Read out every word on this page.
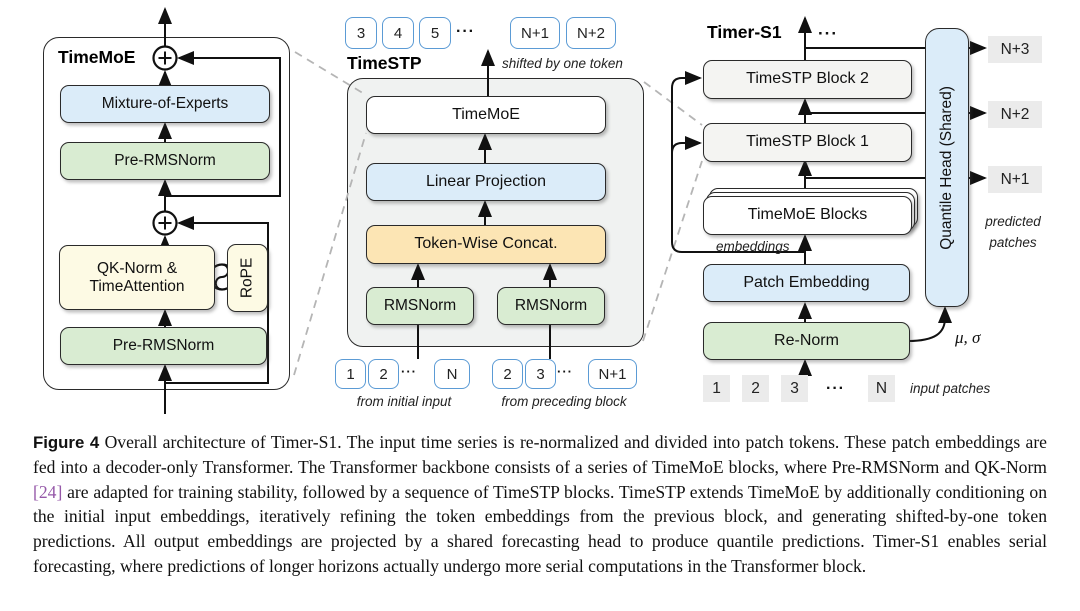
TimeMoE
Mixture-of-Experts
Pre-RMSNorm
QK-Norm &
TimeAttention	RoPE
Pre-RMSNorm
3	4	5	···	N+1	N+2
TimeSTP	shifted by one token
TimeMoE
Linear Projection
Token-Wise Concat.
RMSNorm	RMSNorm
1	2	···	N	2	3 ···	N+1
from initial input	from preceding block
Timer-S1 ···
TimeSTP Block 2
TimeSTP Block 1
TimeMoE Blocks
embeddings
Patch Embedding
Re-Norm
Quantile Head (Shared)
N+3
N+2
N+1
predicted
patches
μ, σ
1	2	3	···	N	input patches
Figure 4 Overall architecture of Timer-S1. The input time series is re-normalized and divided into patch tokens. These patch embeddings are fed into a decoder-only Transformer. The Transformer backbone consists of a series of TimeMoE blocks, where Pre-RMSNorm and QK-Norm [24] are adapted for training stability, followed by a sequence of TimeSTP blocks. TimeSTP extends TimeMoE by additionally conditioning on the initial input embeddings, iteratively refining the token embeddings from the previous block, and generating shifted-by-one token predictions. All output embeddings are projected by a shared forecasting head to produce quantile predictions. Timer-S1 enables serial forecasting, where predictions of longer horizons actually undergo more serial computations in the Transformer block.
